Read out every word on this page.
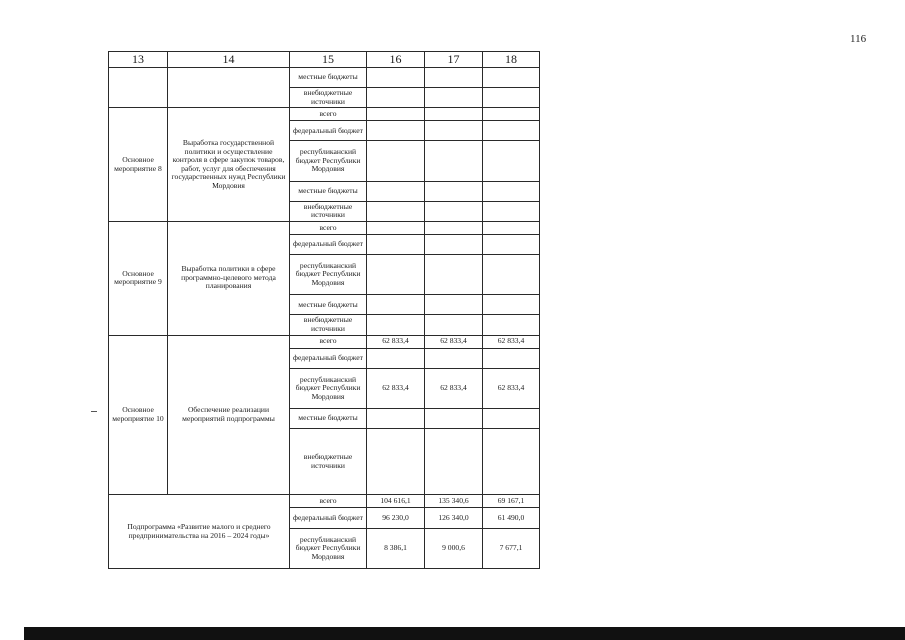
116
13	14	15	16	17	18
		местные бюджеты			
		внебюджетные источники			
Основное мероприятие 8	Выработка государственной политики и осуществление контроля в сфере закупок товаров, работ, услуг для обеспечения государственных нужд Республики Мордовия	всего			
		федеральный бюджет			
		республиканский бюджет Республики Мордовия			
		местные бюджеты			
		внебюджетные источники			
Основное мероприятие 9	Выработка политики в сфере программно-целевого метода планирования	всего			
		федеральный бюджет			
		республиканский бюджет Республики Мордовия			
		местные бюджеты			
		внебюджетные источники			
Основное мероприятие 10	Обеспечение реализации мероприятий подпрограммы	всего	62 833,4	62 833,4	62 833,4
		федеральный бюджет			
		республиканский бюджет Республики Мордовия	62 833,4	62 833,4	62 833,4
		местные бюджеты			
		внебюджетные источники			
Подпрограмма «Развитие малого и среднего предпринимательства на 2016 – 2024 годы»		всего	104 616,1	135 340,6	69 167,1
		федеральный бюджет	96 230,0	126 340,0	61 490,0
		республиканский бюджет Республики Мордовия	8 386,1	9 000,6	7 677,1
